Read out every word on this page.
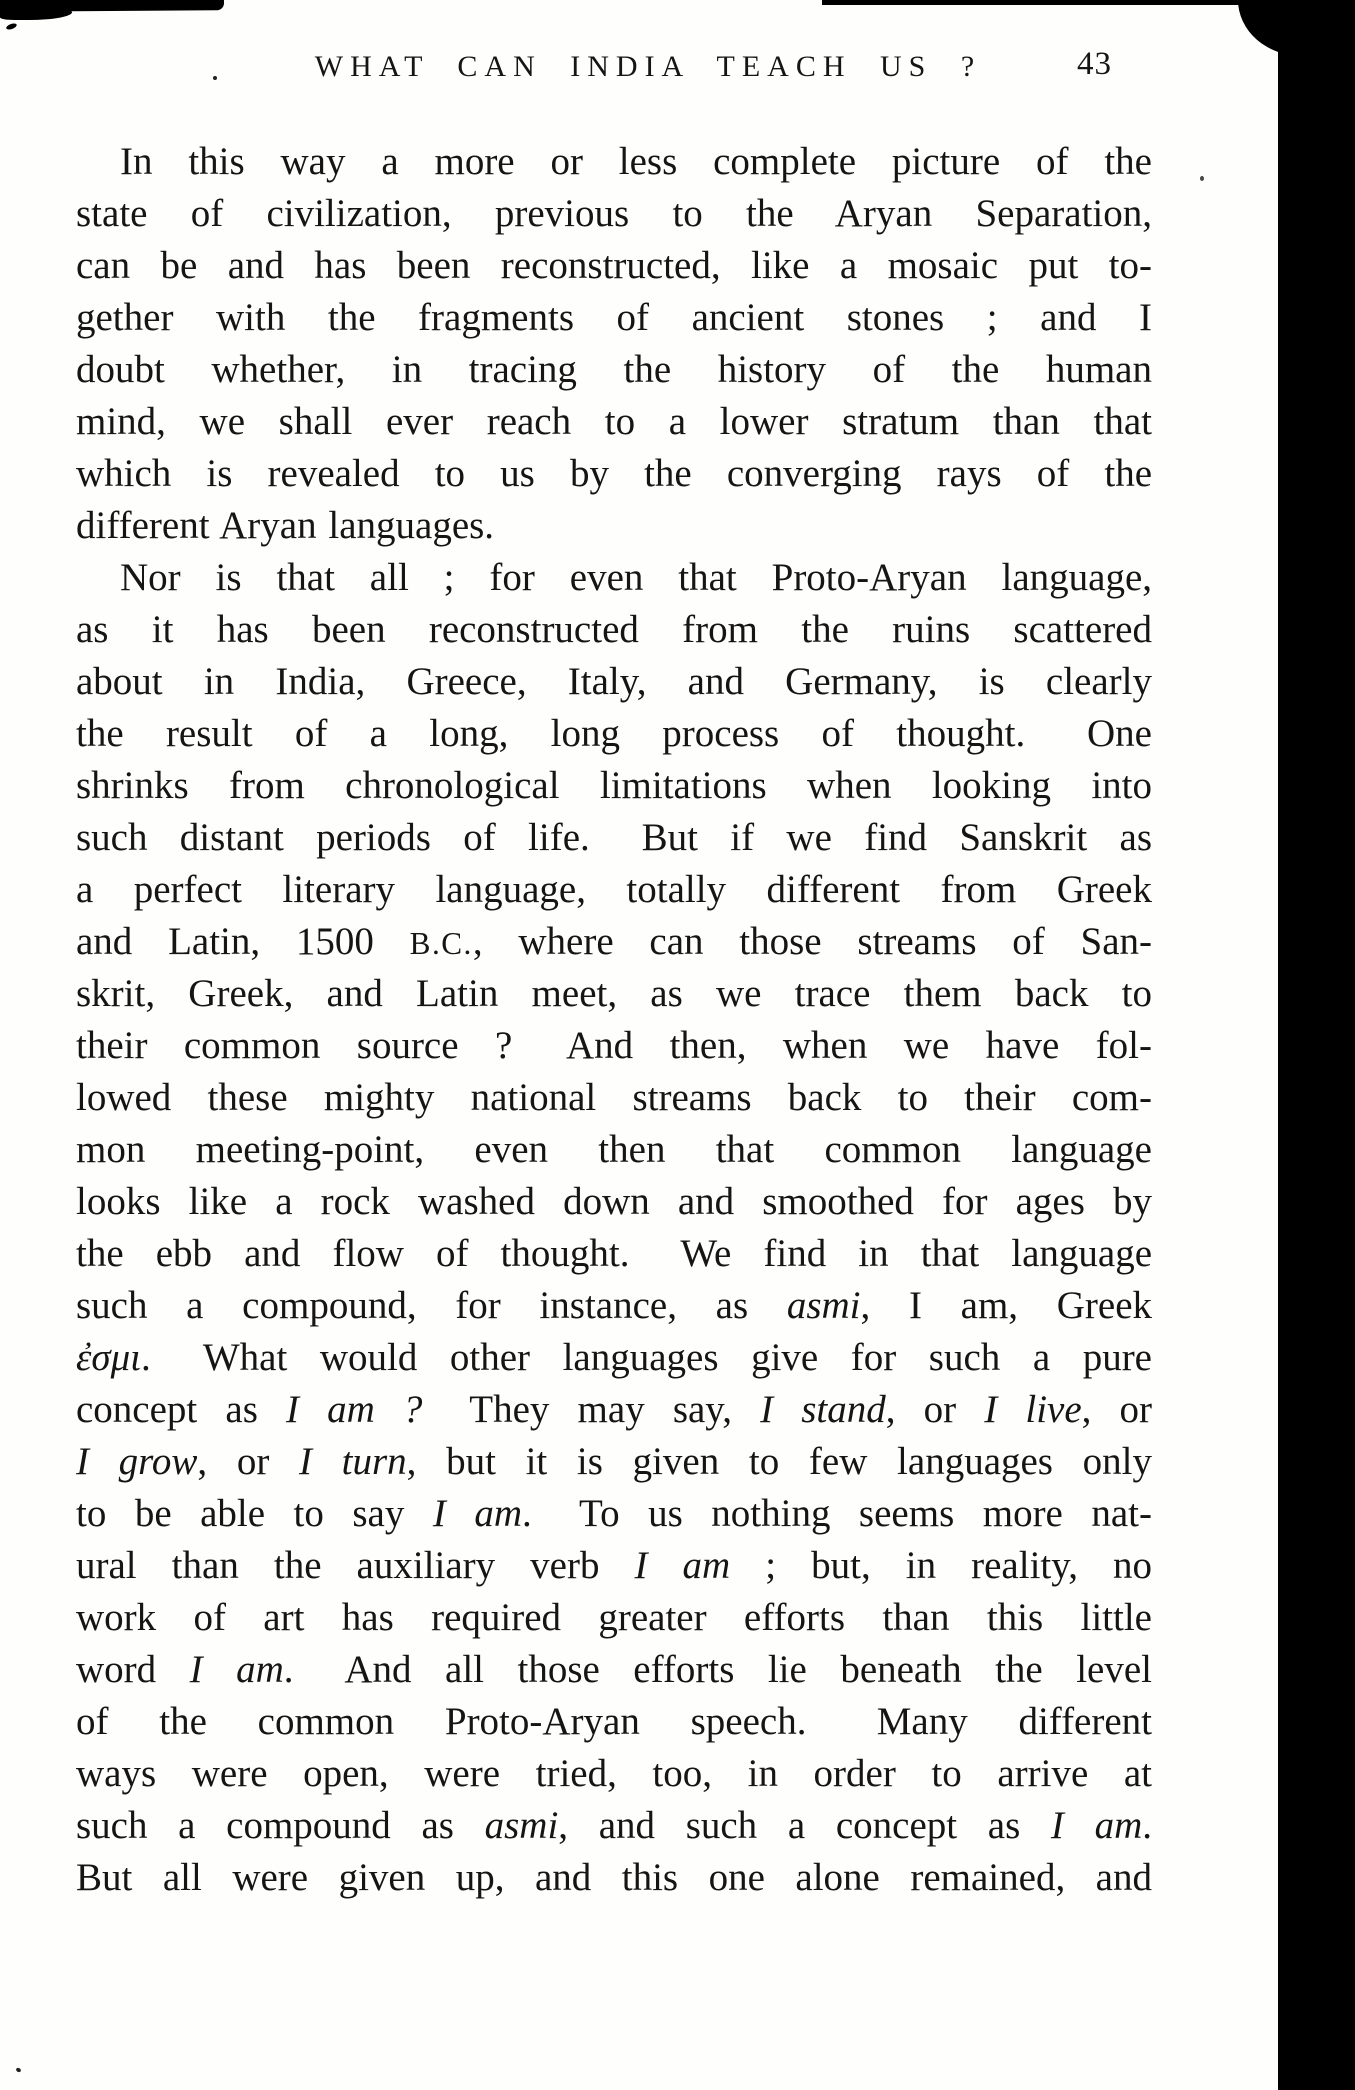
WHAT CAN INDIA TEACH US ?	43
In this way a more or less complete picture of the
state of civilization, previous to the Aryan Separation,
can be and has been reconstructed, like a mosaic put to-
gether with the fragments of ancient stones ; and I
doubt whether, in tracing the history of the human
mind, we shall ever reach to a lower stratum than that
which is revealed to us by the converging rays of the
different Aryan languages.
Nor is that all ; for even that Proto-Aryan language,
as it has been reconstructed from the ruins scattered
about in India, Greece, Italy, and Germany, is clearly
the result of a long, long process of thought.  One
shrinks from chronological limitations when looking into
such distant periods of life.  But if we find Sanskrit as
a perfect literary language, totally different from Greek
and Latin, 1500 B.C., where can those streams of San-
skrit, Greek, and Latin meet, as we trace them back to
their common source ?  And then, when we have fol-
lowed these mighty national streams back to their com-
mon meeting-point, even then that common language
looks like a rock washed down and smoothed for ages by
the ebb and flow of thought.  We find in that language
such a compound, for instance, as asmi, I am, Greek
ἐσμι.  What would other languages give for such a pure
concept as I am ?  They may say, I stand, or I live, or
I grow, or I turn, but it is given to few languages only
to be able to say I am.  To us nothing seems more nat-
ural than the auxiliary verb I am ; but, in reality, no
work of art has required greater efforts than this little
word I am.  And all those efforts lie beneath the level
of the common Proto-Aryan speech.  Many different
ways were open, were tried, too, in order to arrive at
such a compound as asmi, and such a concept as I am.
But all were given up, and this one alone remained, and
